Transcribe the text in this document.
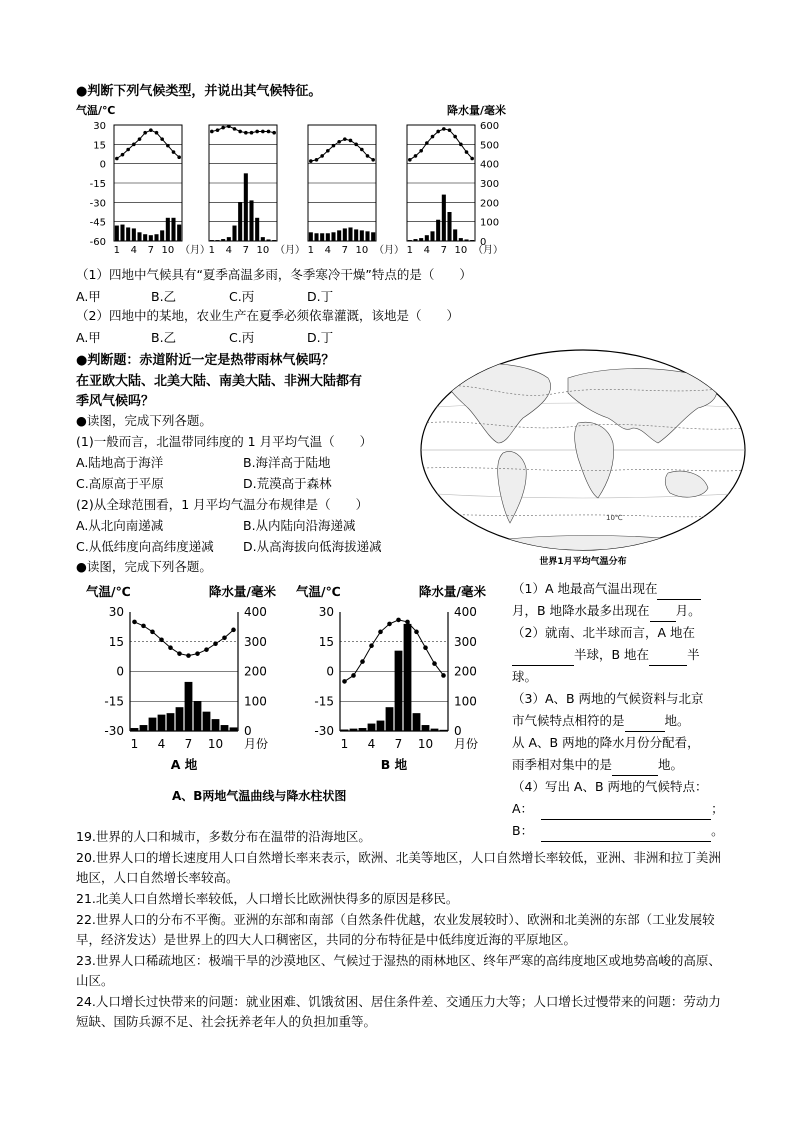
●判断下列气候类型，并说出其气候特征。
气温/℃	降水量/毫米
30
15
0
-15
-30
-45
-60
600
500
400
300
200
100
0
1 4 7 10 （月）
1 4 7 10 （月） 1 4 7 10 （月） 1 4 7 10 （月）
（1）四地中气候具有“夏季高温多雨，冬季寒冷干燥”特点的是（　　）
A.甲	B.乙	C.丙	D.丁
（2）四地中的某地，农业生产在夏季必须依靠灌溉，该地是（　　）
A.甲	B.乙	C.丙	D.丁
●判断题：赤道附近一定是热带雨林气候吗？
在亚欧大陆、北美大陆、南美大陆、非洲大陆都有
季风气候吗？
●读图，完成下列各题。
(1)一般而言，北温带同纬度的 1 月平均气温（　　）
A.陆地高于海洋	B.海洋高于陆地
C.高原高于平原	D.荒漠高于森林
(2)从全球范围看，1 月平均气温分布规律是（　　）
A.从北向南递减	B.从内陆向沿海递减
C.从低纬度向高纬度递减 D.从高海拔向低海拔递减
10℃
世界1月平均气温分布
●读图，完成下列各题。
气温/℃	降水量/毫米
30
15
0
-15
-30
400
300
200
100
0
1 4 7 10 月份
A 地
气温/℃	降水量/毫米
30
15
0
-15
-30
400
300
200
100
0
1 4 7 10 月份
B 地
A、B两地气温曲线与降水柱状图
（1）A 地最高气温出现在
月，B 地降水最多出现在 月。
（2）就南、北半球而言，A 地在
半球，B 地在	半
球。
（3）A、B 两地的气候资料与北京
市气候特点相符的是	地。
从 A、B 两地的降水月份分配看，
雨季相对集中的是	地。
（4）写出 A、B 两地的气候特点：
A：	；
B：	。
19.世界的人口和城市，多数分布在温带的沿海地区。
20.世界人口的增长速度用人口自然增长率来表示，欧洲、北美等地区，人口自然增长率较低，亚洲、非洲和拉丁美洲地区，人口自然增长率较高。
21.北美人口自然增长率较低，人口增长比欧洲快得多的原因是移民。
22.世界人口的分布不平衡。亚洲的东部和南部（自然条件优越，农业发展较时）、欧洲和北美洲的东部（工业发展较早，经济发达）是世界上的四大人口稠密区，共同的分布特征是中低纬度近海的平原地区。
23.世界人口稀疏地区：极端干旱的沙漠地区、气候过于湿热的雨林地区、终年严寒的高纬度地区或地势高峻的高原、山区。
24.人口增长过快带来的问题：就业困难、饥饿贫困、居住条件差、交通压力大等；人口增长过慢带来的问题：劳动力短缺、国防兵源不足、社会抚养老年人的负担加重等。
